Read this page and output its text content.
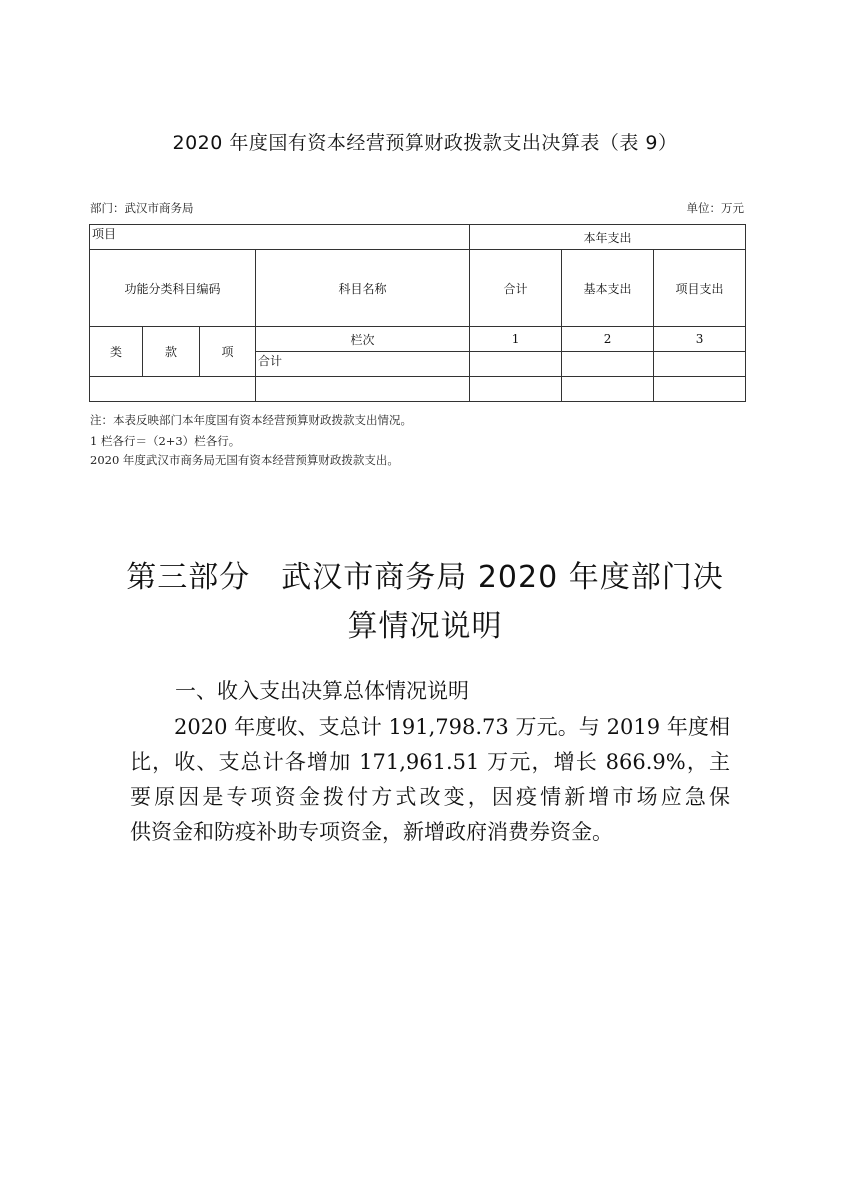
2020 年度国有资本经营预算财政拨款支出决算表（表 9）
部门：武汉市商务局	单位：万元
项目				本年支出		
功能分类科目编码			科目名称	合计	基本支出	项目支出
类	款	项	栏次	1	2	3
			合计			

注：本表反映部门本年度国有资本经营预算财政拨款支出情况。
1 栏各行＝（2+3）栏各行。
2020 年度武汉市商务局无国有资本经营预算财政拨款支出。
第三部分　武汉市商务局 2020 年度部门决
算情况说明
一、收入支出决算总体情况说明
2020 年度收、支总计 191,798.73 万元。与 2019 年度相
比，收、支总计各增加 171,961.51 万元，增长 866.9%，主
要原因是专项资金拨付方式改变，因疫情新增市场应急保
供资金和防疫补助专项资金，新增政府消费券资金。
